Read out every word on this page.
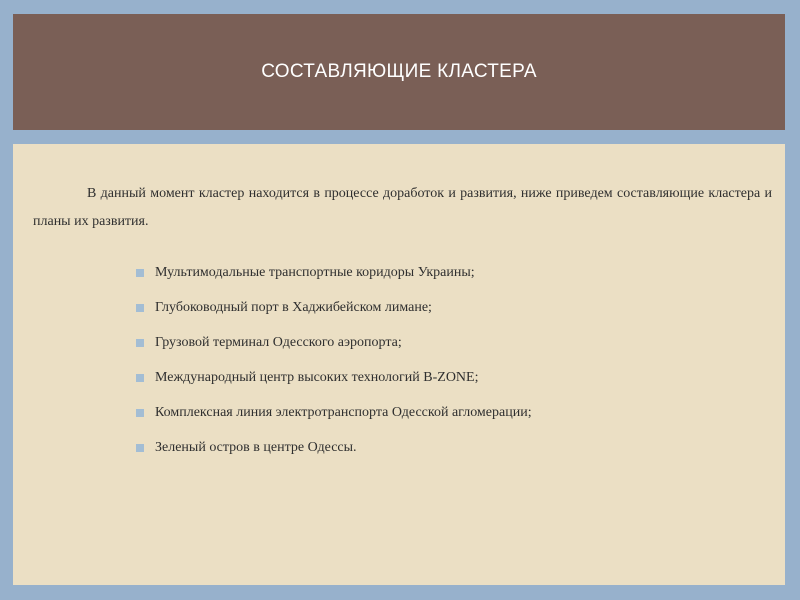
СОСТАВЛЯЮЩИЕ КЛАСТЕРА

В данный момент кластер находится в процессе доработок и развития, ниже приведем составляющие кластера и планы их развития.

Мультимодальные транспортные коридоры Украины;
Глубоководный порт в Хаджибейском лимане;
Грузовой терминал Одесского аэропорта;
Международный центр высоких технологий B-ZONE;
Комплексная линия электротранспорта Одесской агломерации;
Зеленый остров в центре Одессы.
